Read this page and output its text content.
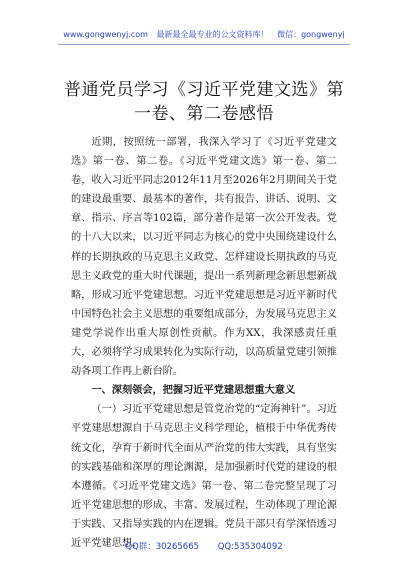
www.gongwenyj.com 最新最全最专业的公文资料库！ 微信：gongwenyj
普通党员学习《习近平党建文选》第一卷、第二卷感悟

近期，按照统一部署，我深入学习了《习近平党建文选》第一卷、第二卷。《习近平党建文选》第一卷、第二卷，收入习近平同志2012年11月至2026年2月期间关于党的建设最重要、最基本的著作，共有报告、讲话、说明、文章、指示、序言等102篇，部分著作是第一次公开发表。党的十八大以来，以习近平同志为核心的党中央围绕建设什么样的长期执政的马克思主义政党、怎样建设长期执政的马克思主义政党的重大时代课题，提出一系列新理念新思想新战略，形成习近平党建思想。习近平党建思想是习近平新时代中国特色社会主义思想的重要组成部分，为发展马克思主义建党学说作出重大原创性贡献。作为XX，我深感责任重大，必须将学习成果转化为实际行动，以高质量党建引领推动各项工作再上新台阶。

一、深刻领会，把握习近平党建思想重大意义

（一）习近平党建思想是管党治党的“定海神针”。习近平党建思想源自于马克思主义科学理论，植根于中华优秀传统文化，孕育于新时代全面从严治党的伟大实践，具有坚实的实践基础和深厚的理论渊源，是加强新时代党的建设的根本遵循。《习近平党建文选》第一卷、第二卷完整呈现了习近平党建思想的形成、丰富、发展过程，生动体现了理论源于实践、又指导实践的内在逻辑。党员干部只有学深悟透习近平党建思想，

QQ群：30265665 QQ:535304092
